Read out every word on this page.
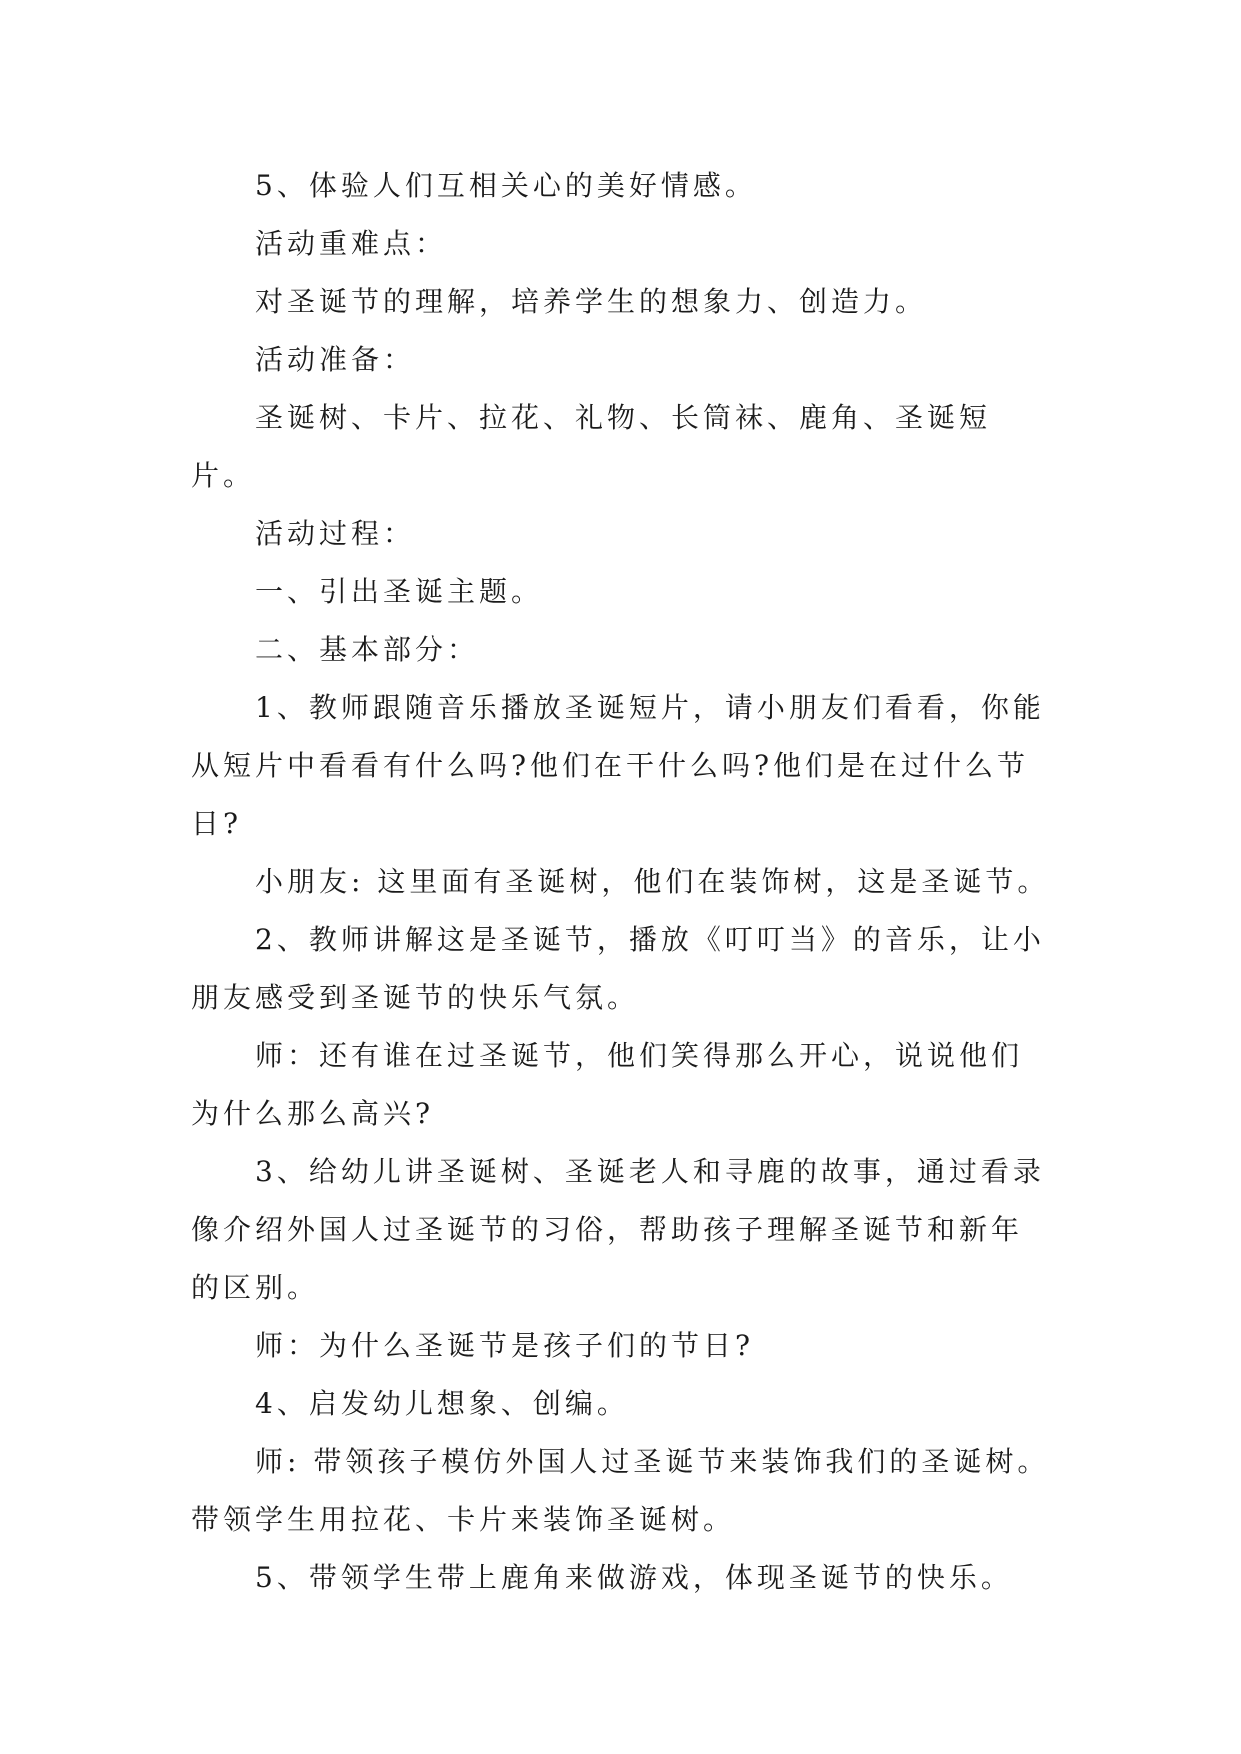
5、体验人们互相关心的美好情感。

活动重难点：

对圣诞节的理解，培养学生的想象力、创造力。

活动准备：

圣诞树、卡片、拉花、礼物、长筒袜、鹿角、圣诞短片。

活动过程：

一、引出圣诞主题。

二、基本部分：

1、教师跟随音乐播放圣诞短片，请小朋友们看看，你能从短片中看看有什么吗?他们在干什么吗?他们是在过什么节日?

小朋友: 这里面有圣诞树，他们在装饰树，这是圣诞节。

2、教师讲解这是圣诞节，播放《叮叮当》的音乐，让小朋友感受到圣诞节的快乐气氛。

师：还有谁在过圣诞节，他们笑得那么开心，说说他们为什么那么高兴?

3、给幼儿讲圣诞树、圣诞老人和寻鹿的故事，通过看录像介绍外国人过圣诞节的习俗，帮助孩子理解圣诞节和新年的区别。

师：为什么圣诞节是孩子们的节日?

4、启发幼儿想象、创编。

师: 带领孩子模仿外国人过圣诞节来装饰我们的圣诞树。带领学生用拉花、卡片来装饰圣诞树。

5、带领学生带上鹿角来做游戏，体现圣诞节的快乐。
